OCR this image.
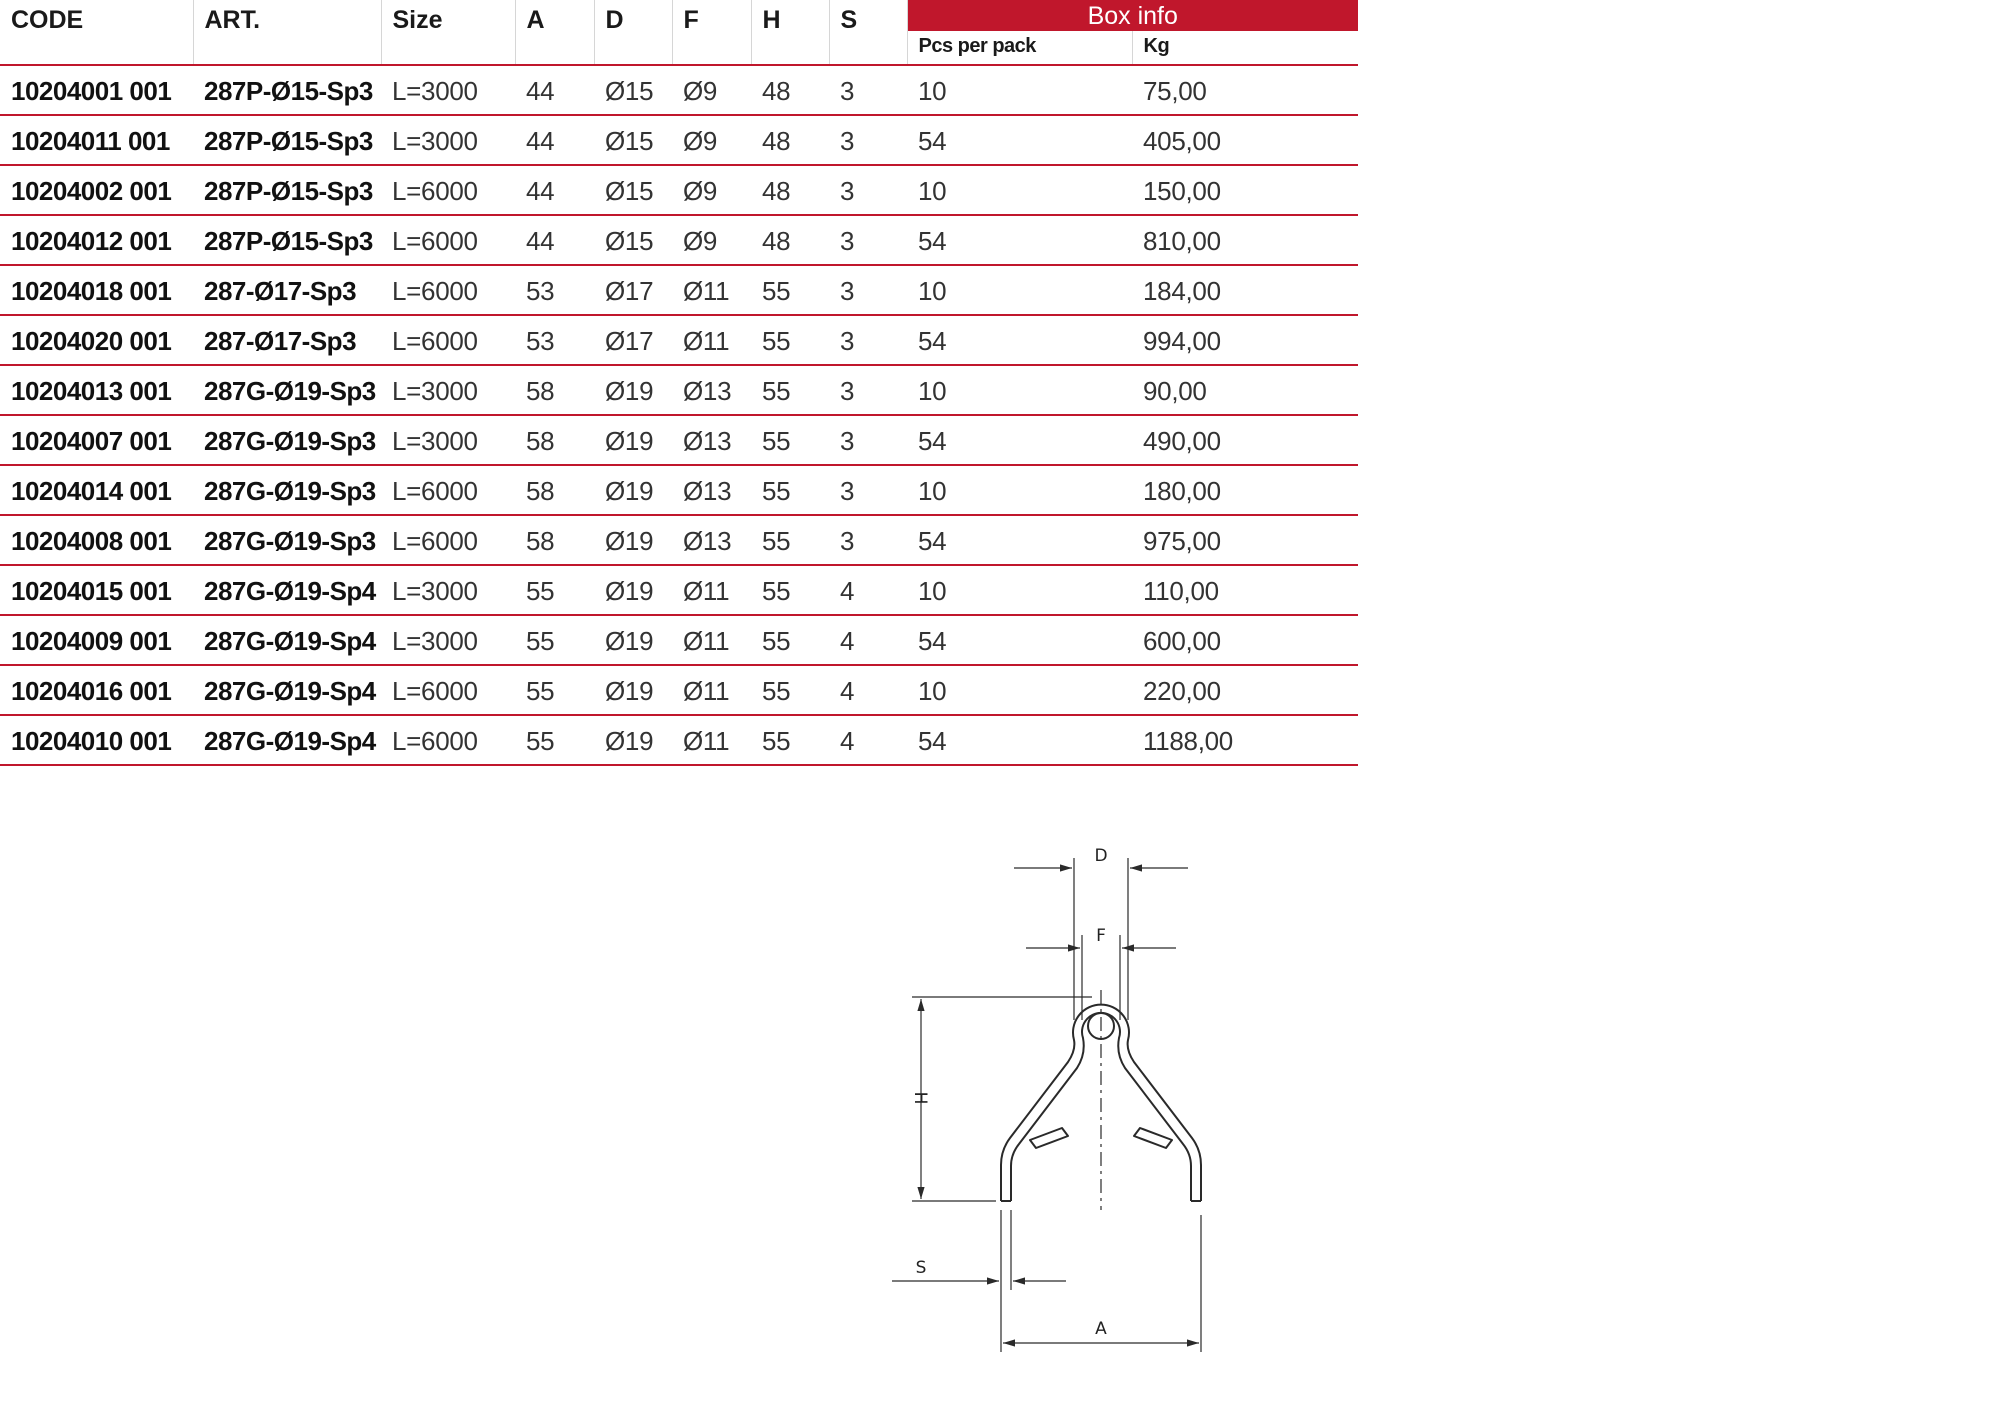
CODE	ART.	Size	A	D	F	H	S	Box info	
								Pcs per pack	Kg
10204001 001	287P-Ø15-Sp3	L=3000	44	Ø15	Ø9	48	3	10	75,00
10204011 001	287P-Ø15-Sp3	L=3000	44	Ø15	Ø9	48	3	54	405,00
10204002 001	287P-Ø15-Sp3	L=6000	44	Ø15	Ø9	48	3	10	150,00
10204012 001	287P-Ø15-Sp3	L=6000	44	Ø15	Ø9	48	3	54	810,00
10204018 001	287-Ø17-Sp3	L=6000	53	Ø17	Ø11	55	3	10	184,00
10204020 001	287-Ø17-Sp3	L=6000	53	Ø17	Ø11	55	3	54	994,00
10204013 001	287G-Ø19-Sp3	L=3000	58	Ø19	Ø13	55	3	10	90,00
10204007 001	287G-Ø19-Sp3	L=3000	58	Ø19	Ø13	55	3	54	490,00
10204014 001	287G-Ø19-Sp3	L=6000	58	Ø19	Ø13	55	3	10	180,00
10204008 001	287G-Ø19-Sp3	L=6000	58	Ø19	Ø13	55	3	54	975,00
10204015 001	287G-Ø19-Sp4	L=3000	55	Ø19	Ø11	55	4	10	110,00
10204009 001	287G-Ø19-Sp4	L=3000	55	Ø19	Ø11	55	4	54	600,00
10204016 001	287G-Ø19-Sp4	L=6000	55	Ø19	Ø11	55	4	10	220,00
10204010 001	287G-Ø19-Sp4	L=6000	55	Ø19	Ø11	55	4	54	1188,00
D
F
H
S
A
